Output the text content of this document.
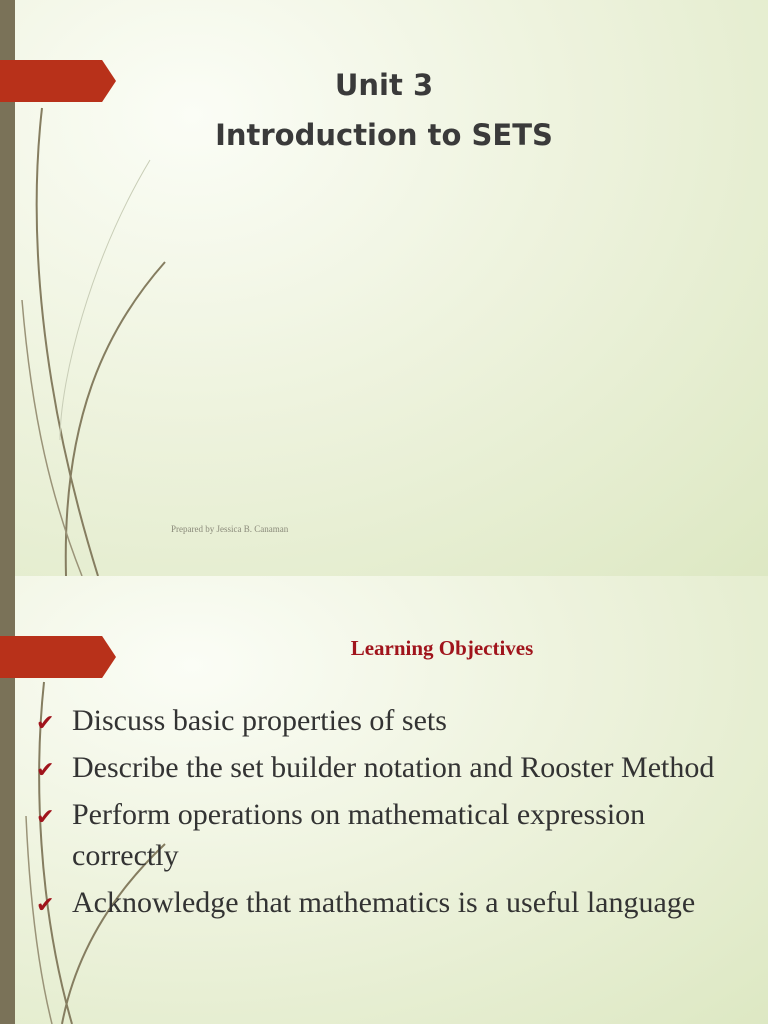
Unit 3
Introduction to SETS
Prepared by Jessica B. Canaman
Learning Objectives
✔ Discuss basic properties of sets
✔ Describe the set builder notation and Rooster Method
✔ Perform operations on mathematical expression correctly
✔ Acknowledge that mathematics is a useful language
